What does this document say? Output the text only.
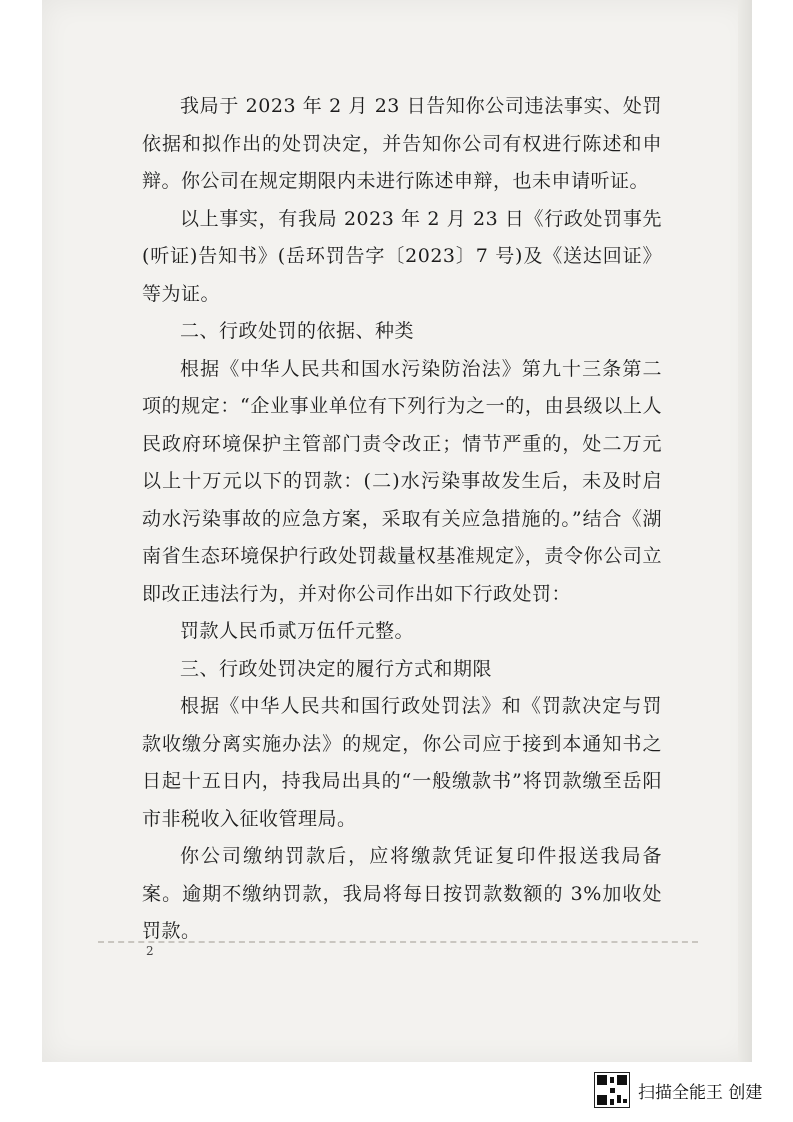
我局于 2023 年 2 月 23 日告知你公司违法事实、处罚依据和拟作出的处罚决定，并告知你公司有权进行陈述和申辩。你公司在规定期限内未进行陈述申辩，也未申请听证。

以上事实，有我局 2023 年 2 月 23 日《行政处罚事先(听证)告知书》(岳环罚告字〔2023〕7 号)及《送达回证》等为证。

二、行政处罚的依据、种类

根据《中华人民共和国水污染防治法》第九十三条第二项的规定：“企业事业单位有下列行为之一的，由县级以上人民政府环境保护主管部门责令改正；情节严重的，处二万元以上十万元以下的罚款：(二)水污染事故发生后，未及时启动水污染事故的应急方案，采取有关应急措施的。”结合《湖南省生态环境保护行政处罚裁量权基准规定》，责令你公司立即改正违法行为，并对你公司作出如下行政处罚：

罚款人民币贰万伍仟元整。

三、行政处罚决定的履行方式和期限

根据《中华人民共和国行政处罚法》和《罚款决定与罚款收缴分离实施办法》的规定，你公司应于接到本通知书之日起十五日内，持我局出具的“一般缴款书”将罚款缴至岳阳市非税收入征收管理局。

你公司缴纳罚款后，应将缴款凭证复印件报送我局备案。逾期不缴纳罚款，我局将每日按罚款数额的 3%加收处罚款。

2
扫描全能王 创建
